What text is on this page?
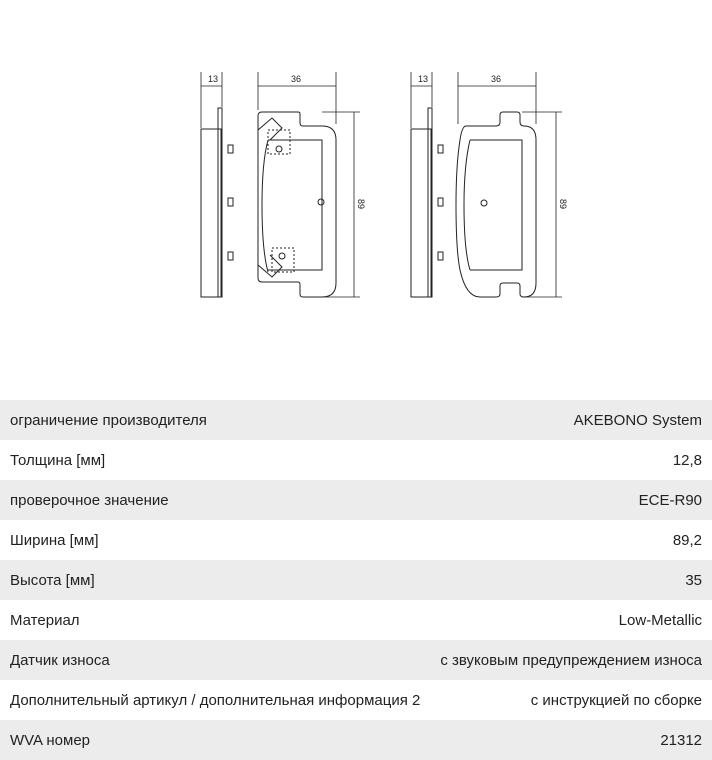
13	36
89
13	36
89
ограничение производителя	AKEBONO System
Толщина [мм]	12,8
проверочное значение	ECE-R90
Ширина [мм]	89,2
Высота [мм]	35
Материал	Low-Metallic
Датчик износа	с звуковым предупреждением износа
Дополнительный артикул / дополнительная информация 2	с инструкцией по сборке
WVA номер	21312
